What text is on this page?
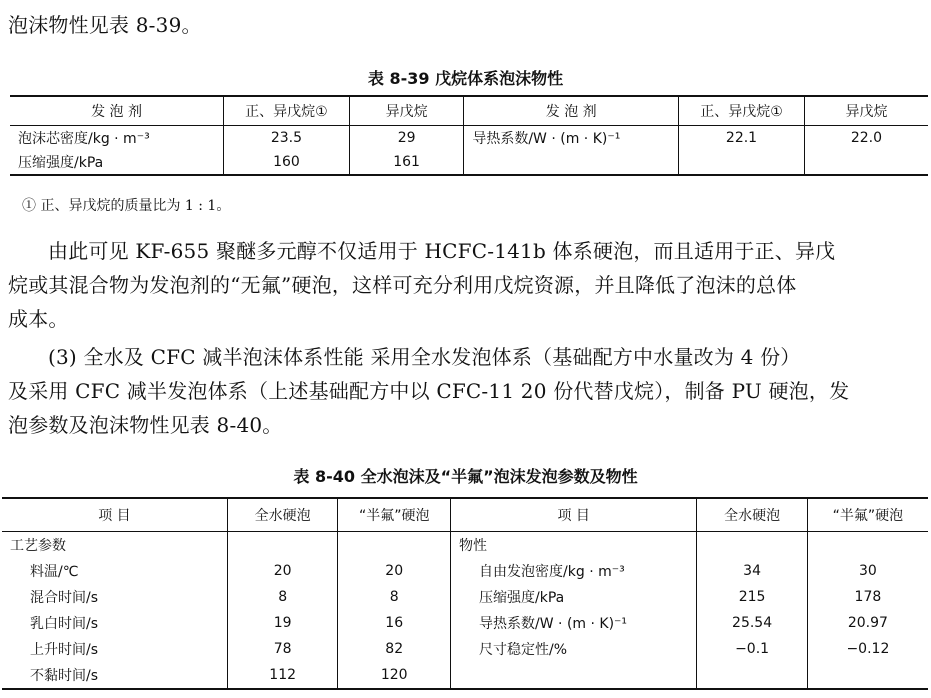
泡沫物性见表 8-39。

表 8-39 戊烷体系泡沫物性
发 泡 剂	正、异戊烷①	异戊烷	发 泡 剂	正、异戊烷①	异戊烷
泡沫芯密度/kg · m⁻³	23.5	29	导热系数/W · (m · K)⁻¹	22.1	22.0
压缩强度/kPa	160	161			
① 正、异戊烷的质量比为 1 : 1。

由此可见 KF-655 聚醚多元醇不仅适用于 HCFC-141b 体系硬泡，而且适用于正、异戊

烷或其混合物为发泡剂的“无氟”硬泡，这样可充分利用戊烷资源，并且降低了泡沫的总体

成本。

(3) 全水及 CFC 减半泡沫体系性能 采用全水发泡体系（基础配方中水量改为 4 份）

及采用 CFC 减半发泡体系（上述基础配方中以 CFC-11 20 份代替戊烷），制备 PU 硬泡，发

泡参数及泡沫物性见表 8-40。

表 8-40 全水泡沫及“半氟”泡沫发泡参数及物性
项 目	全水硬泡	“半氟”硬泡	项 目	全水硬泡	“半氟”硬泡
工艺参数			物性		
料温/℃	20	20	自由发泡密度/kg · m⁻³	34	30
混合时间/s	8	8	压缩强度/kPa	215	178
乳白时间/s	19	16	导热系数/W · (m · K)⁻¹	25.54	20.97
上升时间/s	78	82	尺寸稳定性/%	−0.1	−0.12
不黏时间/s	112	120			
